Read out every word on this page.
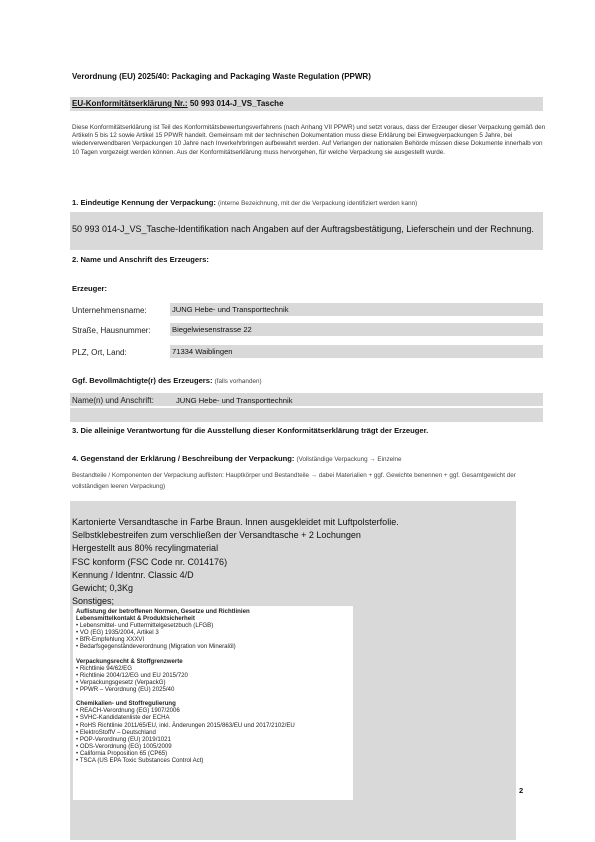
Verordnung (EU) 2025/40: Packaging and Packaging Waste Regulation (PPWR)
EU-Konformitätserklärung Nr.: 50 993 014-J_VS_Tasche
Diese Konformitätserklärung ist Teil des Konformitätsbewertungsverfahrens (nach Anhang VII PPWR) und setzt voraus, dass der Erzeuger dieser Verpackung gemäß den Artikeln 5 bis 12 sowie Artikel 15 PPWR handelt. Gemeinsam mit der technischen Dokumentation muss diese Erklärung bei Einwegverpackungen 5 Jahre, bei wiederverwendbaren Verpackungen 10 Jahre nach Inverkehrbringen aufbewahrt werden. Auf Verlangen der nationalen Behörde müssen diese Dokumente innerhalb von 10 Tagen vorgezeigt werden können. Aus der Konformitätserklärung muss hervorgehen, für welche Verpackung sie ausgestellt wurde.
1. Eindeutige Kennung der Verpackung: (interne Bezeichnung, mit der die Verpackung identifiziert werden kann)
50 993 014-J_VS_Tasche-Identifikation nach Angaben auf der Auftragsbestätigung, Lieferschein und der Rechnung.
2. Name und Anschrift des Erzeugers:
Erzeuger:
Unternehmensname:	JUNG Hebe- und Transporttechnik
Straße, Hausnummer:	Biegelwiesenstrasse 22
PLZ, Ort, Land:	71334 Waiblingen
Ggf. Bevollmächtigte(r) des Erzeugers: (falls vorhanden)
Name(n) und Anschrift:	JUNG Hebe- und Transporttechnik
3. Die alleinige Verantwortung für die Ausstellung dieser Konformitätserklärung trägt der Erzeuger.
4. Gegenstand der Erklärung / Beschreibung der Verpackung: (Vollständige Verpackung → Einzelne
Bestandteile / Komponenten der Verpackung auflisten: Hauptkörper und Bestandteile → dabei Materialien + ggf. Gewichte benennen + ggf. Gesamtgewicht der vollständigen leeren Verpackung)
Kartonierte Versandtasche in Farbe Braun. Innen ausgekleidet mit Luftpolsterfolie.
Selbstklebestreifen zum verschließen der Versandtasche + 2 Lochungen
Hergestellt aus 80% recylingmaterial
FSC konform (FSC Code nr. C014176)
Kennung / Identnr. Classic 4/D
Gewicht; 0,3Kg
Sonstiges;
Auflistung der betroffenen Normen, Gesetze und Richtlinien
Lebensmittelkontakt & Produktsicherheit
• Lebensmittel- und Futtermittelgesetzbuch (LFGB)
• VO (EG) 1935/2004, Artikel 3
• BfR-Empfehlung XXXVI
• Bedarfsgegenständeverordnung (Migration von Mineralöl)
Verpackungsrecht & Stoffgrenzwerte
• Richtlinie 94/62/EG
• Richtlinie 2004/12/EG und EU 2015/720
• Verpackungsgesetz (VerpackG)
• PPWR – Verordnung (EU) 2025/40
Chemikalien- und Stoffregulierung
• REACH-Verordnung (EG) 1907/2006
• SVHC-Kandidatenliste der ECHA
• RoHS Richtlinie 2011/65/EU, inkl. Änderungen 2015/863/EU und 2017/2102/EU
• ElektroStoffV – Deutschland
• POP-Verordnung (EU) 2019/1021
• ODS-Verordnung (EG) 1005/2009
• California Proposition 65 (CP65)
• TSCA (US EPA Toxic Substances Control Act)
2
